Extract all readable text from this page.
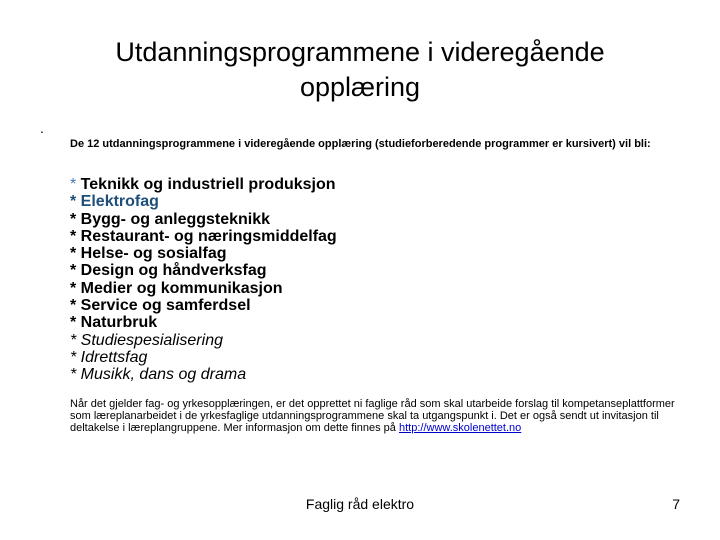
Utdanningsprogrammene i videregående
opplæring
.
De 12 utdanningsprogrammene i videregående opplæring (studieforberedende programmer er kursivert) vil bli:
* Teknikk og industriell produksjon
* Elektrofag
* Bygg- og anleggsteknikk
* Restaurant- og næringsmiddelfag
* Helse- og sosialfag
* Design og håndverksfag
* Medier og kommunikasjon
* Service og samferdsel
* Naturbruk
* Studiespesialisering
* Idrettsfag
* Musikk, dans og drama
Når det gjelder fag- og yrkesopplæringen, er det opprettet ni faglige råd som skal utarbeide forslag til kompetanseplattformer som læreplanarbeidet i de yrkesfaglige utdanningsprogrammene skal ta utgangspunkt i. Det er også sendt ut invitasjon til deltakelse i læreplangruppene. Mer informasjon om dette finnes på http://www.skolenettet.no
Faglig råd elektro	7
